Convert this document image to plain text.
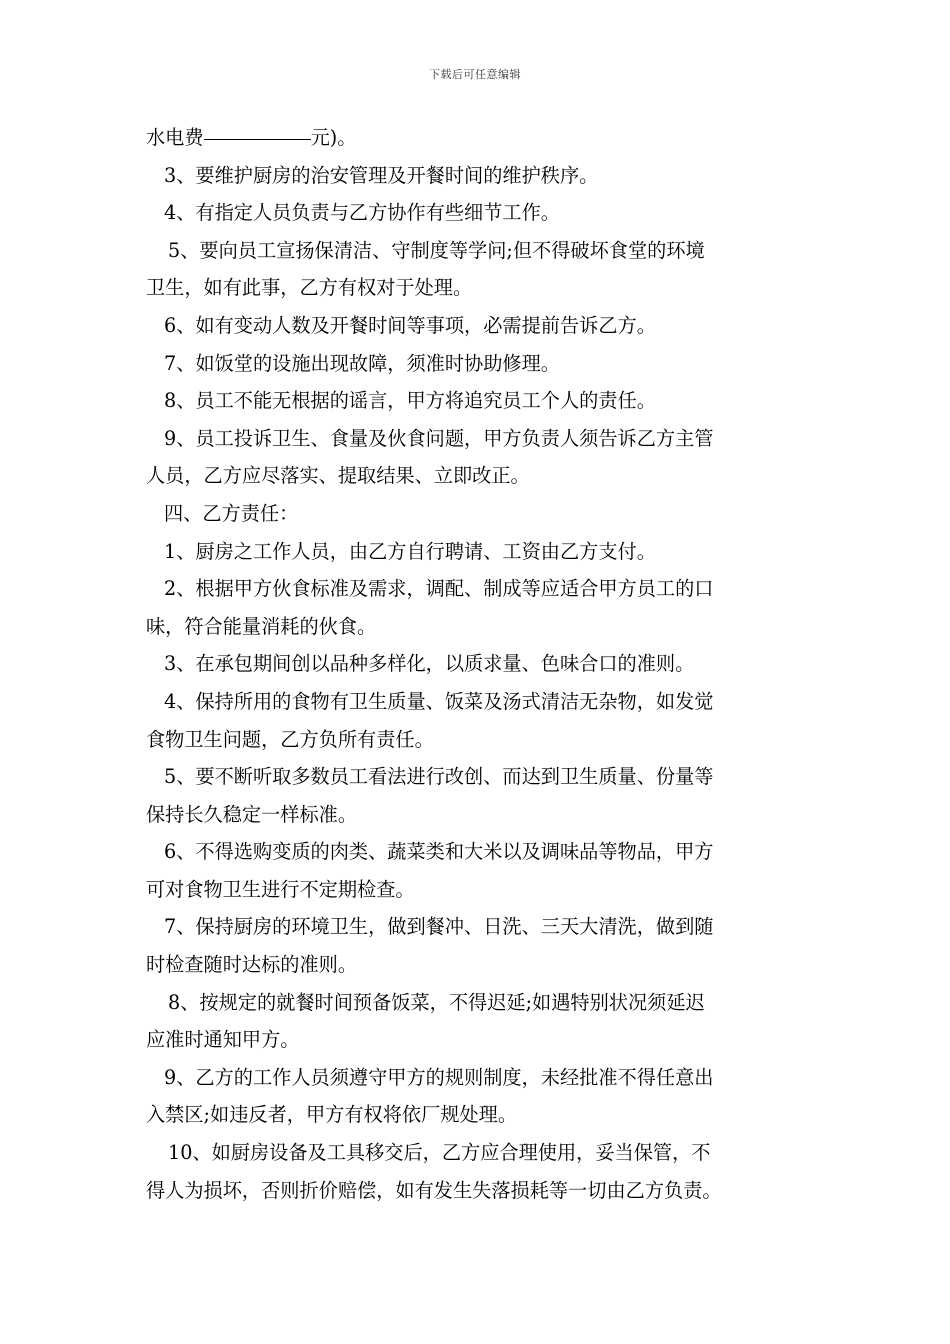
下载后可任意编辑
水电费	元)。
3、要维护厨房的治安管理及开餐时间的维护秩序。
4、有指定人员负责与乙方协作有些细节工作。
5、要向员工宣扬保清洁、守制度等学问;但不得破坏食堂的环境
卫生，如有此事，乙方有权对于处理。
6、如有变动人数及开餐时间等事项，必需提前告诉乙方。
7、如饭堂的设施出现故障，须准时协助修理。
8、员工不能无根据的谣言，甲方将追究员工个人的责任。
9、员工投诉卫生、食量及伙食问题，甲方负责人须告诉乙方主管
人员，乙方应尽落实、提取结果、立即改正。
四、乙方责任：
1、厨房之工作人员，由乙方自行聘请、工资由乙方支付。
2、根据甲方伙食标准及需求，调配、制成等应适合甲方员工的口
味，符合能量消耗的伙食。
3、在承包期间创以品种多样化，以质求量、色味合口的准则。
4、保持所用的食物有卫生质量、饭菜及汤式清洁无杂物，如发觉
食物卫生问题，乙方负所有责任。
5、要不断听取多数员工看法进行改创、而达到卫生质量、份量等
保持长久稳定一样标准。
6、不得选购变质的肉类、蔬菜类和大米以及调味品等物品，甲方
可对食物卫生进行不定期检查。
7、保持厨房的环境卫生，做到餐冲、日洗、三天大清洗，做到随
时检查随时达标的准则。
8、按规定的就餐时间预备饭菜，不得迟延;如遇特别状况须延迟
应准时通知甲方。
9、乙方的工作人员须遵守甲方的规则制度，未经批准不得任意出
入禁区;如违反者，甲方有权将依厂规处理。
10、如厨房设备及工具移交后，乙方应合理使用，妥当保管，不
得人为损坏，否则折价赔偿，如有发生失落损耗等一切由乙方负责。
